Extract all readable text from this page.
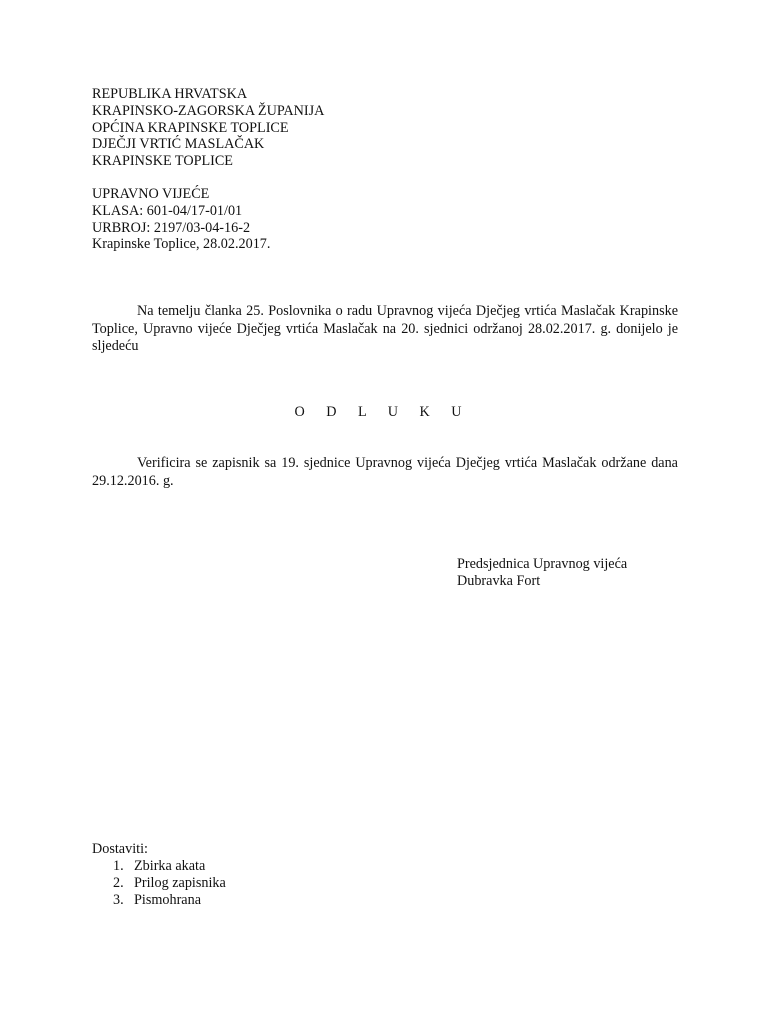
REPUBLIKA HRVATSKA
KRAPINSKO-ZAGORSKA ŽUPANIJA
OPĆINA KRAPINSKE TOPLICE
DJEČJI VRTIĆ MASLAČAK
KRAPINSKE TOPLICE
UPRAVNO VIJEĆE
KLASA: 601-04/17-01/01
URBROJ: 2197/03-04-16-2
Krapinske Toplice, 28.02.2017.

Na temelju članka 25. Poslovnika o radu Upravnog vijeća Dječjeg vrtića Maslačak Krapinske Toplice, Upravno vijeće Dječjeg vrtića Maslačak na 20. sjednici održanoj 28.02.2017. g. donijelo je sljedeću

O D L U K U

Verificira se zapisnik sa 19. sjednice Upravnog vijeća Dječjeg vrtića Maslačak održane dana 29.12.2016. g.

Predsjednica Upravnog vijeća
Dubravka Fort
Dostaviti:
1. Zbirka akata
2. Prilog zapisnika
3. Pismohrana
